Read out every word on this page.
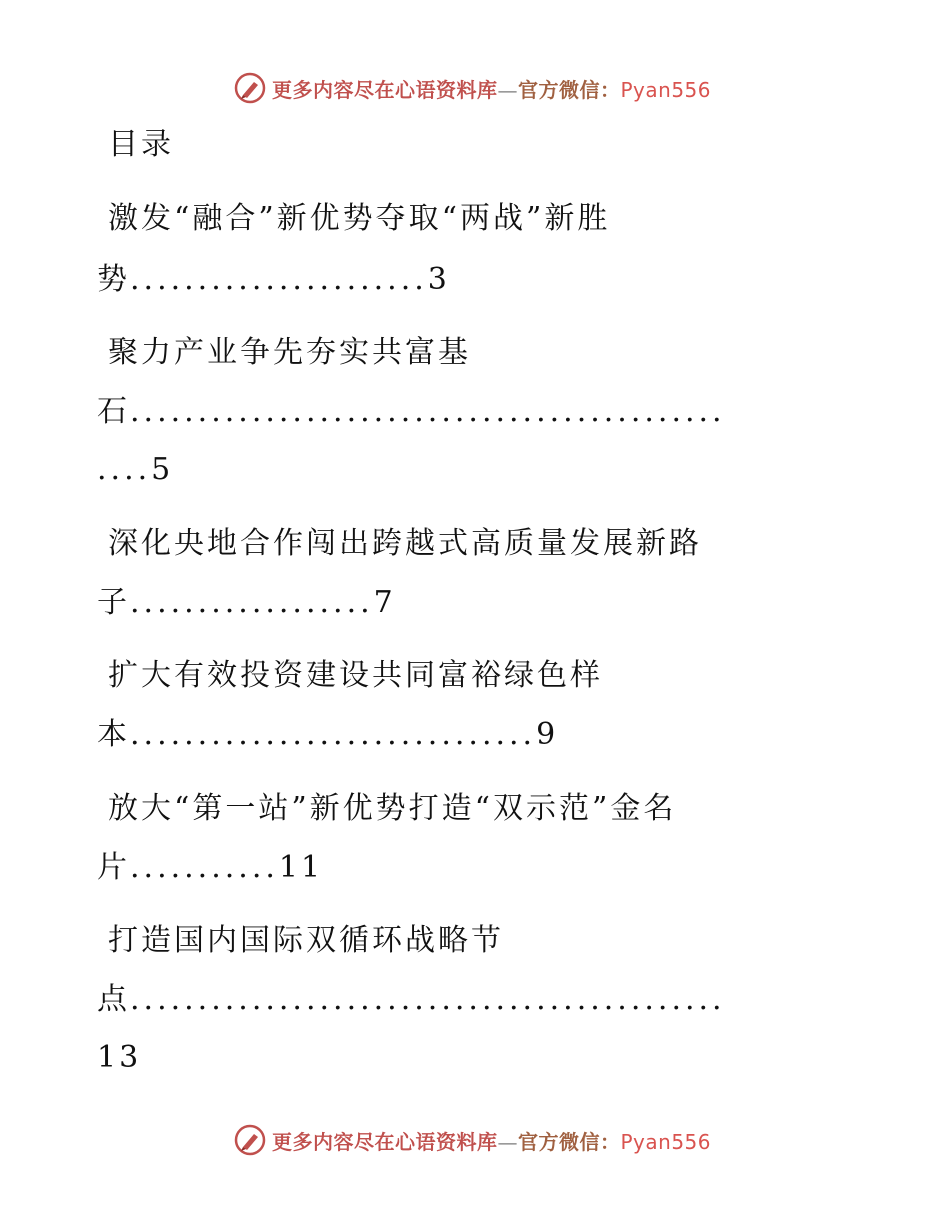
更多内容尽在心语资料库—官方微信：Pyan556
目录
激发“融合”新优势夺取“两战”新胜
势......................3
聚力产业争先夯实共富基
石............................................
....5
深化央地合作闯出跨越式高质量发展新路
子..................7
扩大有效投资建设共同富裕绿色样
本..............................9
放大“第一站”新优势打造“双示范”金名
片...........11
打造国内国际双循环战略节
点............................................
13
更多内容尽在心语资料库—官方微信：Pyan556
